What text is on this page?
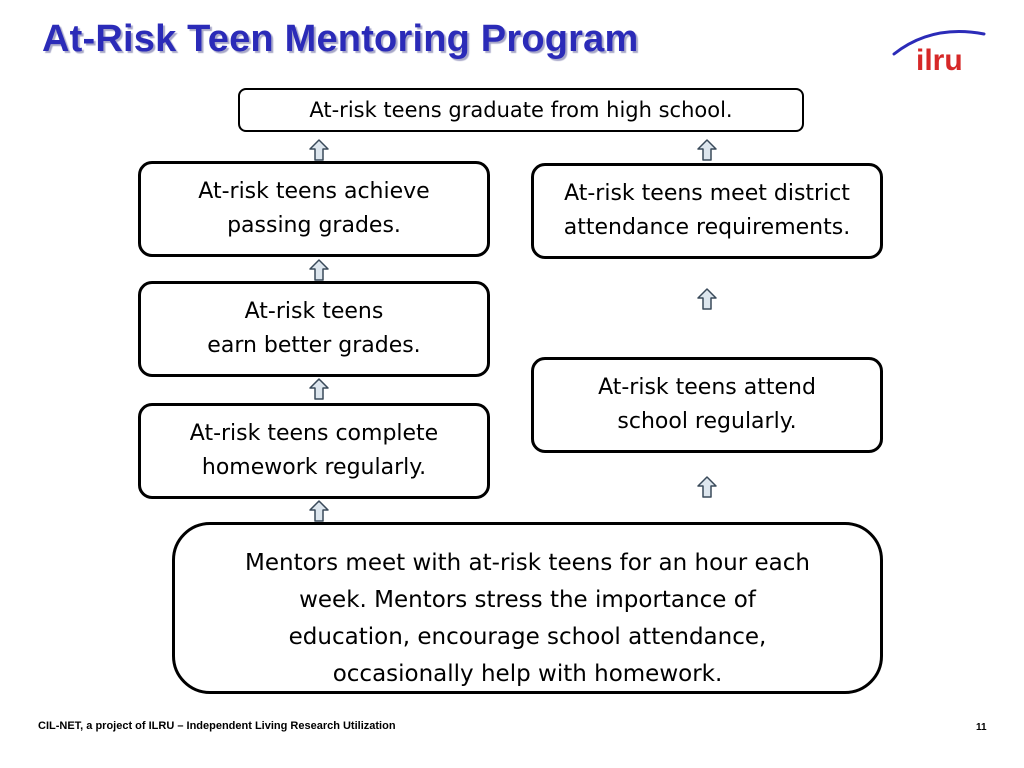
At-Risk Teen Mentoring Program
ilru
At-risk teens graduate from high school.
At-risk teens achieve
passing grades.
At-risk teens meet district
attendance requirements.
At-risk teens
earn better grades.
At-risk teens attend
school regularly.
At-risk teens complete
homework regularly.
Mentors meet with at-risk teens for an hour each
week. Mentors stress the importance of
education, encourage school attendance,
occasionally help with homework.
CIL-NET, a project of ILRU – Independent Living Research Utilization	11
